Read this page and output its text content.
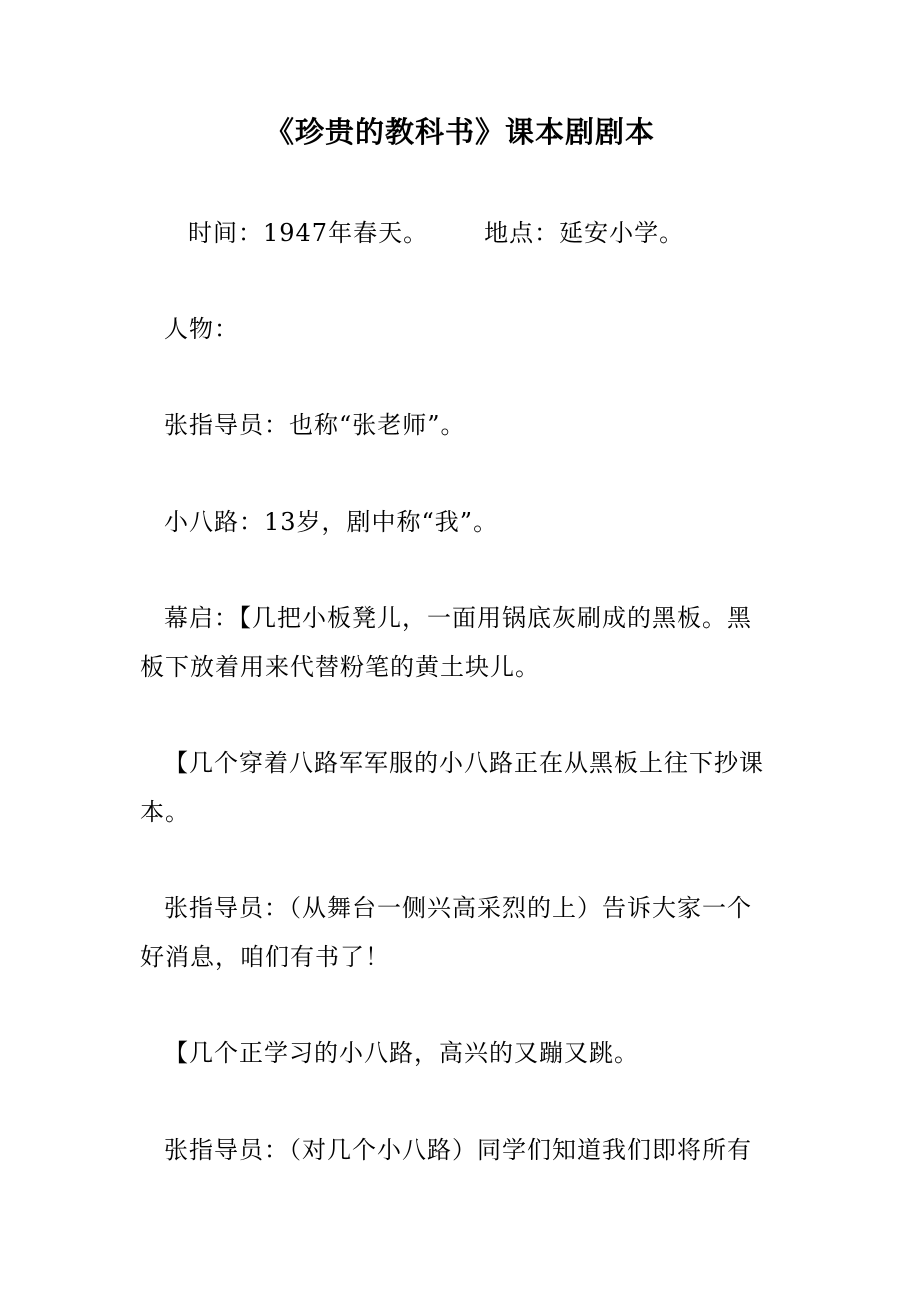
《珍贵的教科书》课本剧剧本
时间：1947年春天。 地点：延安小学。
人物：
张指导员：也称“张老师”。
小八路：13岁，剧中称“我”。
幕启：【几把小板凳儿，一面用锅底灰刷成的黑板。黑
板下放着用来代替粉笔的黄土块儿。
【几个穿着八路军军服的小八路正在从黑板上往下抄课
本。
张指导员：（从舞台一侧兴高采烈的上）告诉大家一个
好消息，咱们有书了！
【几个正学习的小八路，高兴的又蹦又跳。
张指导员：（对几个小八路）同学们知道我们即将所有
